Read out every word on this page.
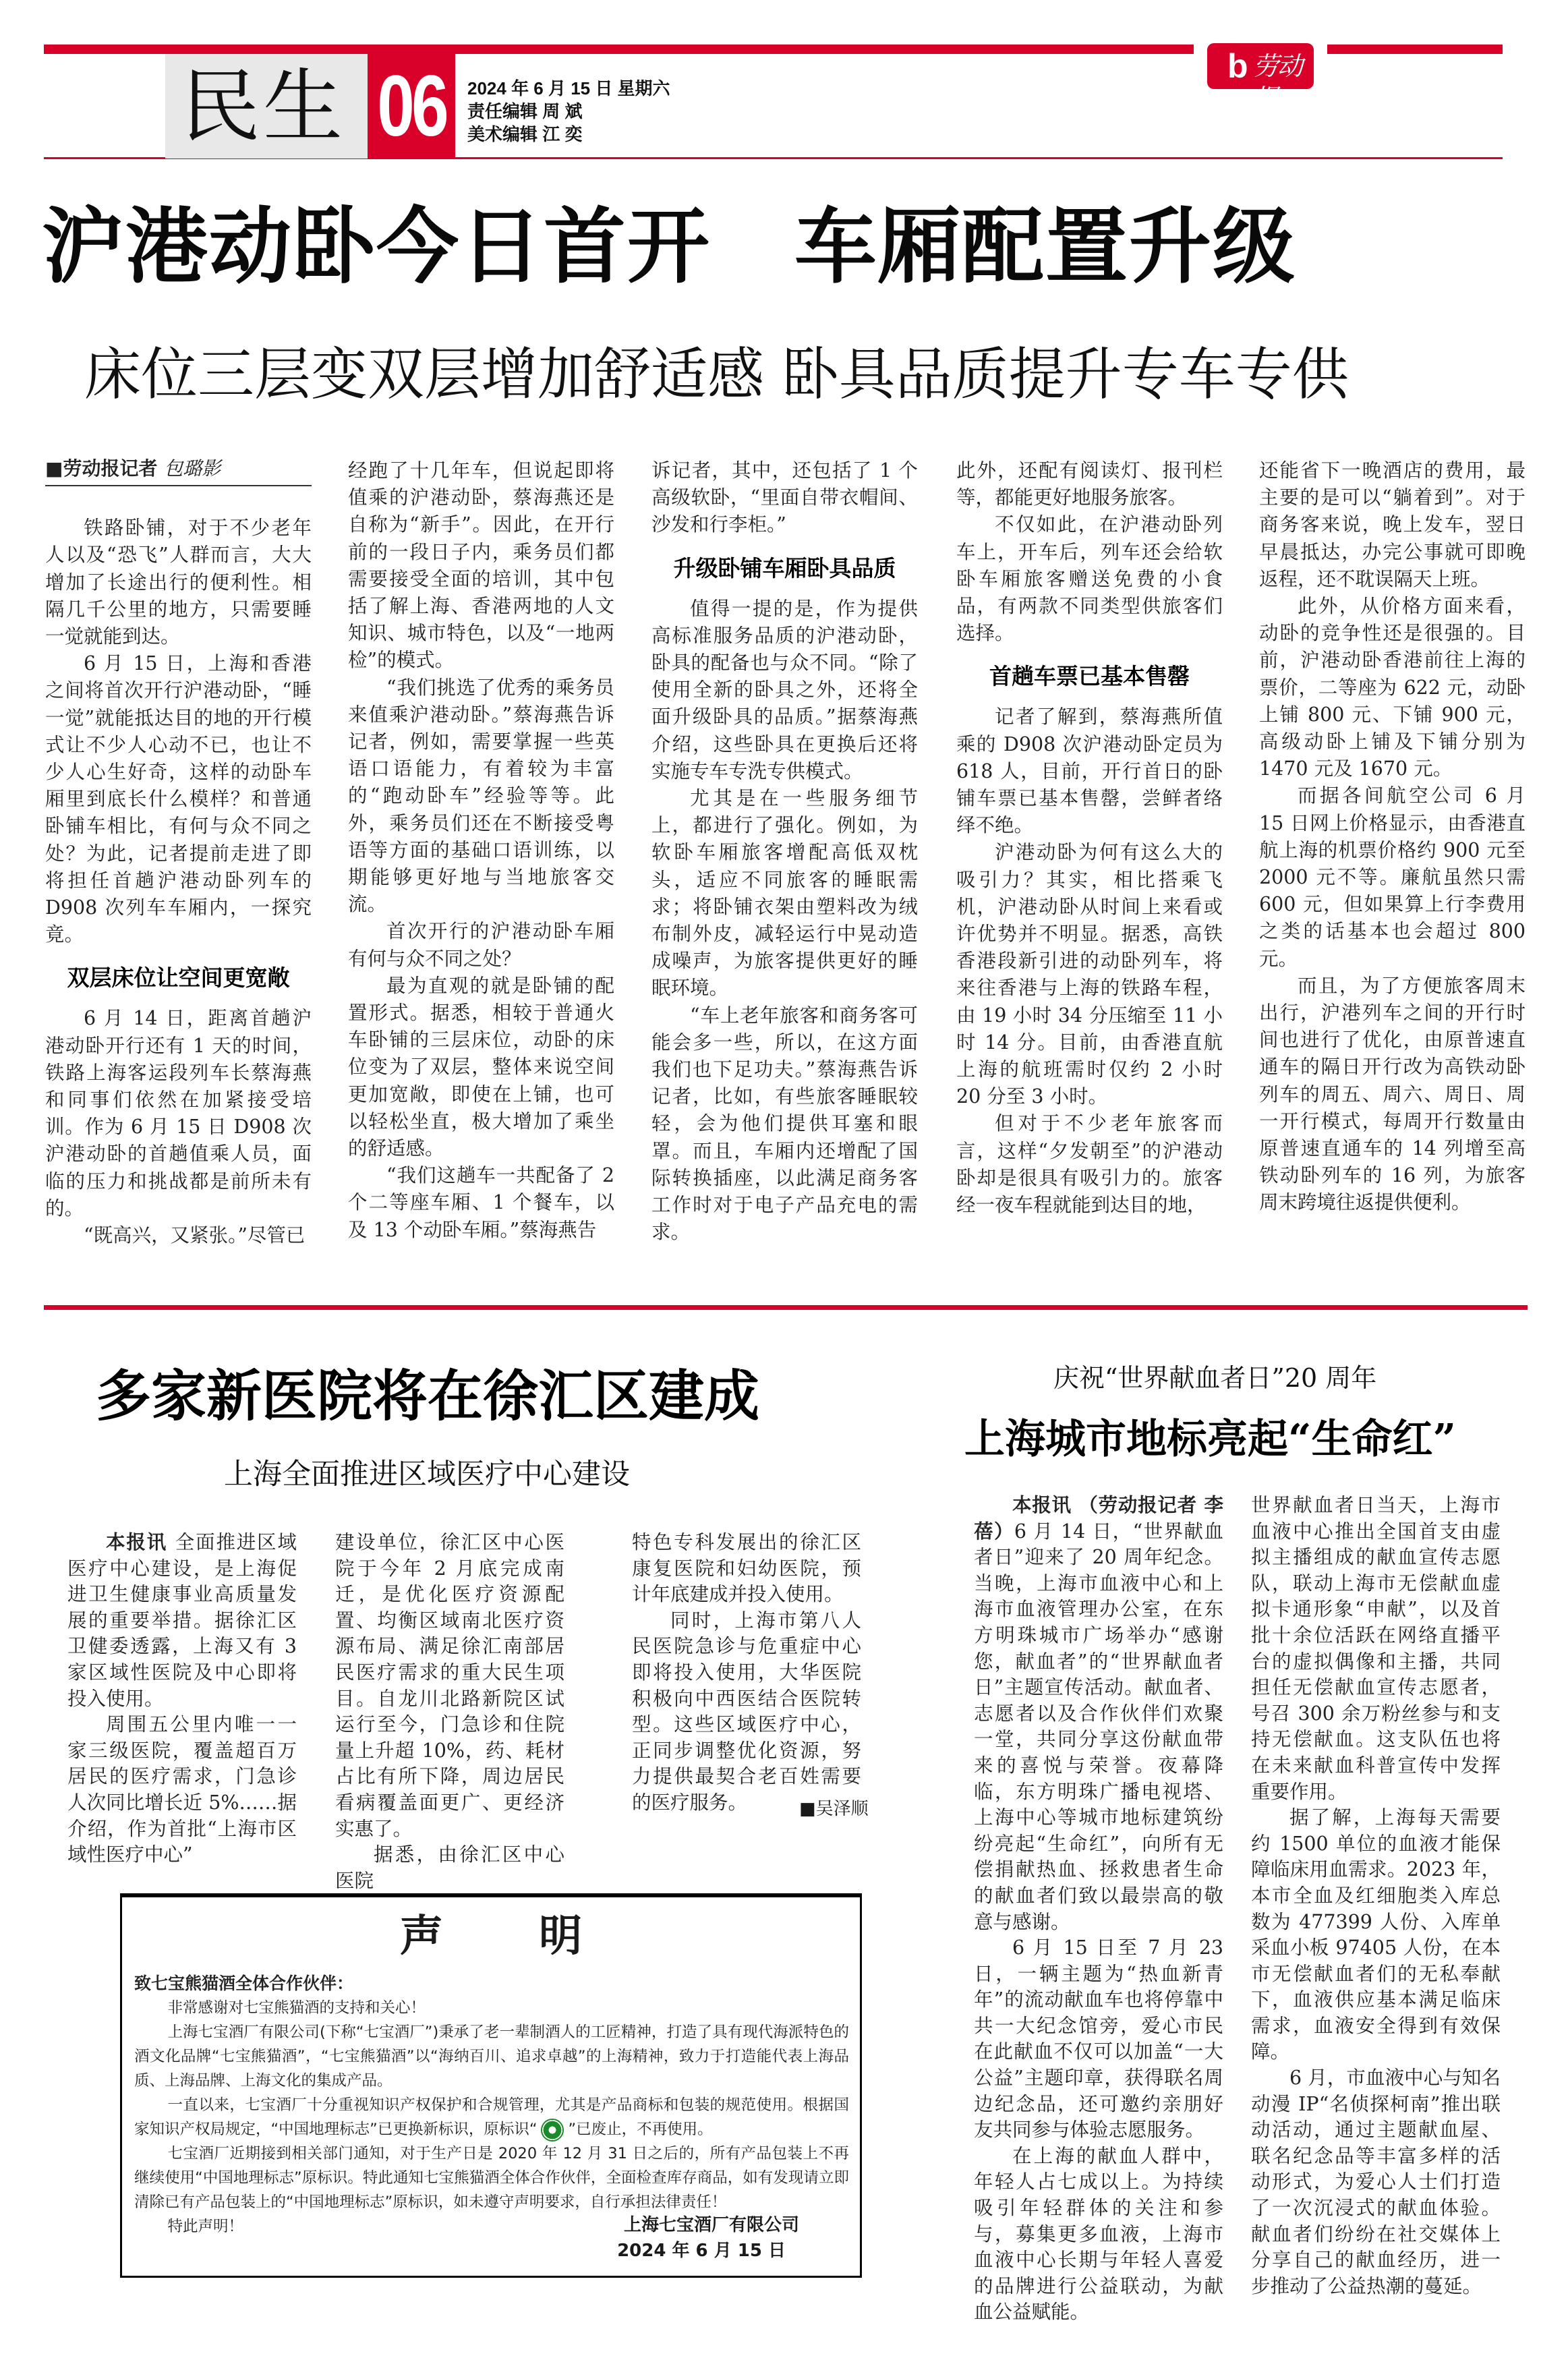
民生 06 2024 年 6 月 15 日 星期六
责任编辑 周 斌
美术编辑 江 奕
b 劳动报
沪港动卧今日首开　车厢配置升级
床位三层变双层增加舒适感 卧具品质提升专车专供
■劳动报记者 包璐影

铁路卧铺，对于不少老年人以及“恐飞”人群而言，大大增加了长途出行的便利性。相隔几千公里的地方，只需要睡一觉就能到达。

6 月 15 日，上海和香港之间将首次开行沪港动卧，“睡一觉”就能抵达目的地的开行模式让不少人心动不已，也让不少人心生好奇，这样的动卧车厢里到底长什么模样？和普通卧铺车相比，有何与众不同之处？为此，记者提前走进了即将担任首趟沪港动卧列车的 D908 次列车车厢内，一探究竟。

双层床位让空间更宽敞

6 月 14 日，距离首趟沪港动卧开行还有 1 天的时间，铁路上海客运段列车长蔡海燕和同事们依然在加紧接受培训。作为 6 月 15 日 D908 次沪港动卧的首趟值乘人员，面临的压力和挑战都是前所未有的。

“既高兴，又紧张。”尽管已

经跑了十几年车，但说起即将值乘的沪港动卧，蔡海燕还是自称为“新手”。因此，在开行前的一段日子内，乘务员们都需要接受全面的培训，其中包括了解上海、香港两地的人文知识、城市特色，以及“一地两检”的模式。

“我们挑选了优秀的乘务员来值乘沪港动卧。”蔡海燕告诉记者，例如，需要掌握一些英语口语能力，有着较为丰富的“跑动卧车”经验等等。此外，乘务员们还在不断接受粤语等方面的基础口语训练，以期能够更好地与当地旅客交流。

首次开行的沪港动卧车厢有何与众不同之处？

最为直观的就是卧铺的配置形式。据悉，相较于普通火车卧铺的三层床位，动卧的床位变为了双层，整体来说空间更加宽敞，即使在上铺，也可以轻松坐直，极大增加了乘坐的舒适感。

“我们这趟车一共配备了 2 个二等座车厢、1 个餐车，以及 13 个动卧车厢。”蔡海燕告

诉记者，其中，还包括了 1 个高级软卧，“里面自带衣帽间、沙发和行李柜。”

升级卧铺车厢卧具品质

值得一提的是，作为提供高标准服务品质的沪港动卧，卧具的配备也与众不同。“除了使用全新的卧具之外，还将全面升级卧具的品质。”据蔡海燕介绍，这些卧具在更换后还将实施专车专洗专供模式。

尤其是在一些服务细节上，都进行了强化。例如，为软卧车厢旅客增配高低双枕头，适应不同旅客的睡眠需求；将卧铺衣架由塑料改为绒布制外皮，减轻运行中晃动造成噪声，为旅客提供更好的睡眠环境。

“车上老年旅客和商务客可能会多一些，所以，在这方面我们也下足功夫。”蔡海燕告诉记者，比如，有些旅客睡眠较轻，会为他们提供耳塞和眼罩。而且，车厢内还增配了国际转换插座，以此满足商务客工作时对于电子产品充电的需求。

此外，还配有阅读灯、报刊栏等，都能更好地服务旅客。

不仅如此，在沪港动卧列车上，开车后，列车还会给软卧车厢旅客赠送免费的小食品，有两款不同类型供旅客们选择。

首趟车票已基本售罄

记者了解到，蔡海燕所值乘的 D908 次沪港动卧定员为 618 人，目前，开行首日的卧铺车票已基本售罄，尝鲜者络绎不绝。

沪港动卧为何有这么大的吸引力？其实，相比搭乘飞机，沪港动卧从时间上来看或许优势并不明显。据悉，高铁香港段新引进的动卧列车，将来往香港与上海的铁路车程，由 19 小时 34 分压缩至 11 小时 14 分。目前，由香港直航上海的航班需时仅约 2 小时 20 分至 3 小时。

但对于不少老年旅客而言，这样“夕发朝至”的沪港动卧却是很具有吸引力的。旅客经一夜车程就能到达目的地，

还能省下一晚酒店的费用，最主要的是可以“躺着到”。对于商务客来说，晚上发车，翌日早晨抵达，办完公事就可即晚返程，还不耽误隔天上班。

此外，从价格方面来看，动卧的竞争性还是很强的。目前，沪港动卧香港前往上海的票价，二等座为 622 元，动卧上铺 800 元、下铺 900 元，高级动卧上铺及下铺分别为 1470 元及 1670 元。

而据各间航空公司 6 月 15 日网上价格显示，由香港直航上海的机票价格约 900 元至 2000 元不等。廉航虽然只需 600 元，但如果算上行李费用之类的话基本也会超过 800 元。

而且，为了方便旅客周末出行，沪港列车之间的开行时间也进行了优化，由原普速直通车的隔日开行改为高铁动卧列车的周五、周六、周日、周一开行模式，每周开行数量由原普速直通车的 14 列增至高铁动卧列车的 16 列，为旅客周末跨境往返提供便利。

多家新医院将在徐汇区建成
上海全面推进区域医疗中心建设

本报讯 全面推进区域医疗中心建设，是上海促进卫生健康事业高质量发展的重要举措。据徐汇区卫健委透露，上海又有 3 家区域性医院及中心即将投入使用。

周围五公里内唯一一家三级医院，覆盖超百万居民的医疗需求，门急诊人次同比增长近 5%……据介绍，作为首批“上海市区域性医疗中心”

建设单位，徐汇区中心医院于今年 2 月底完成南迁，是优化医疗资源配置、均衡区域南北医疗资源布局、满足徐汇南部居民医疗需求的重大民生项目。自龙川北路新院区试运行至今，门急诊和住院量上升超 10%，药、耗材占比有所下降，周边居民看病覆盖面更广、更经济实惠了。

据悉，由徐汇区中心医院

特色专科发展出的徐汇区康复医院和妇幼医院，预计年底建成并投入使用。

同时，上海市第八人民医院急诊与危重症中心即将投入使用，大华医院积极向中西医结合医院转型。这些区域医疗中心，正同步调整优化资源，努力提供最契合老百姓需要的医疗服务。	■吴泽顺
声 明

致七宝熊猫酒全体合作伙伴：

非常感谢对七宝熊猫酒的支持和关心！

上海七宝酒厂有限公司(下称“七宝酒厂”)秉承了老一辈制酒人的工匠精神，打造了具有现代海派特色的酒文化品牌“七宝熊猫酒”，“七宝熊猫酒”以“海纳百川、追求卓越”的上海精神，致力于打造能代表上海品质、上海品牌、上海文化的集成产品。

一直以来，七宝酒厂十分重视知识产权保护和合规管理，尤其是产品商标和包装的规范使用。根据国家知识产权局规定，“中国地理标志”已更换新标识，原标识“ ”已废止，不再使用。

七宝酒厂近期接到相关部门通知，对于生产日是 2020 年 12 月 31 日之后的，所有产品包装上不再继续使用“中国地理标志”原标识。特此通知七宝熊猫酒全体合作伙伴，全面检查库存商品，如有发现请立即清除已有产品包装上的“中国地理标志”原标识，如未遵守声明要求，自行承担法律责任！

特此声明！	上海七宝酒厂有限公司
2024 年 6 月 15 日
庆祝“世界献血者日”20 周年
上海城市地标亮起“生命红”

本报讯 （劳动报记者 李蓓）6 月 14 日，“世界献血者日”迎来了 20 周年纪念。当晚，上海市血液中心和上海市血液管理办公室，在东方明珠城市广场举办“感谢您，献血者”的“世界献血者日”主题宣传活动。献血者、志愿者以及合作伙伴们欢聚一堂，共同分享这份献血带来的喜悦与荣誉。夜幕降临，东方明珠广播电视塔、上海中心等城市地标建筑纷纷亮起“生命红”，向所有无偿捐献热血、拯救患者生命的献血者们致以最崇高的敬意与感谢。

6 月 15 日至 7 月 23 日，一辆主题为“热血新青年”的流动献血车也将停靠中共一大纪念馆旁，爱心市民在此献血不仅可以加盖“一大公益”主题印章，获得联名周边纪念品，还可邀约亲朋好友共同参与体验志愿服务。

在上海的献血人群中，年轻人占七成以上。为持续吸引年轻群体的关注和参与，募集更多血液，上海市血液中心长期与年轻人喜爱的品牌进行公益联动，为献血公益赋能。

世界献血者日当天，上海市血液中心推出全国首支由虚拟主播组成的献血宣传志愿队，联动上海市无偿献血虚拟卡通形象“申献”，以及首批十余位活跃在网络直播平台的虚拟偶像和主播，共同担任无偿献血宣传志愿者，号召 300 余万粉丝参与和支持无偿献血。这支队伍也将在未来献血科普宣传中发挥重要作用。

据了解，上海每天需要约 1500 单位的血液才能保障临床用血需求。2023 年，本市全血及红细胞类入库总数为 477399 人份、入库单采血小板 97405 人份，在本市无偿献血者们的无私奉献下，血液供应基本满足临床需求，血液安全得到有效保障。

6 月，市血液中心与知名动漫 IP“名侦探柯南”推出联动活动，通过主题献血屋、联名纪念品等丰富多样的活动形式，为爱心人士们打造了一次沉浸式的献血体验。献血者们纷纷在社交媒体上分享自己的献血经历，进一步推动了公益热潮的蔓延。
